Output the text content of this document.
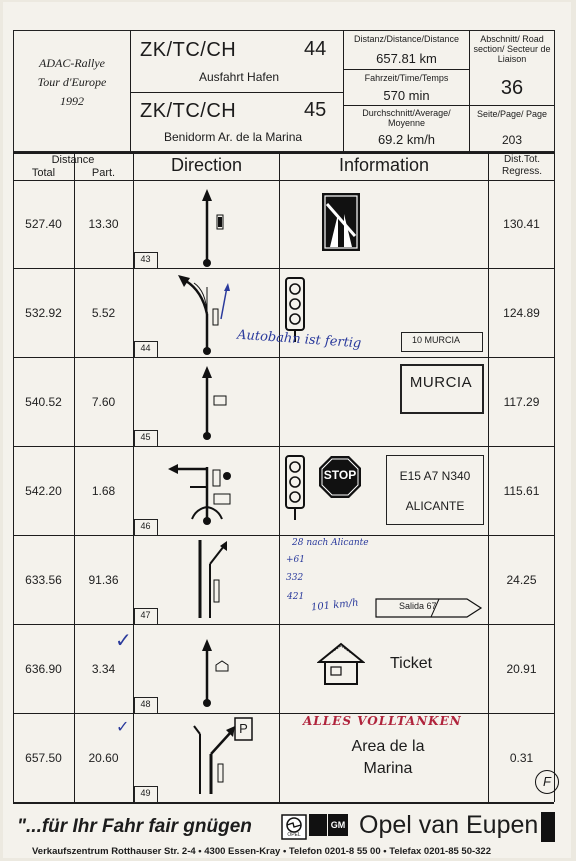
ADAC-Rallye
Tour d'Europe
1992
ZK/TC/CH	44
Ausfahrt Hafen
ZK/TC/CH	45
Benidorm Ar. de la Marina
Distanz/Distance/Distance
657.81 km
Fahrzeit/Time/Temps
570 min
Durchschnitt/Average/ Moyenne
69.2 km/h
Abschnitt/ Road section/ Secteur de Liaison
36
Seite/Page/ Page
203
Distance
Total	Part.	Direction	Information	Dist.Tot. Regress.
527.40	13.30	130.41
43
532.92	5.52	124.89
44
10 MURCIA
Autobahn ist fertig
540.52	7.60	117.29
45
MURCIA
542.20	1.68	115.61
46
STOP	E15 A7 N340
ALICANTE
633.56	91.36	24.25
47
28 nach Alicante
+61
332
421
101 km/h	Salida 67
636.90	3.34	20.91
✓
48
Ticket
657.50	20.60	0.31
✓
49
P	ALLES VOLLTANKEN
Area de la
Marina
F
"...für Ihr Fahr fair gnügen	OPEL
GM Opel van Eupen
Verkaufszentrum Rotthauser Str. 2-4 • 4300 Essen-Kray • Telefon 0201-8 55 00 • Telefax 0201-85 50-322
